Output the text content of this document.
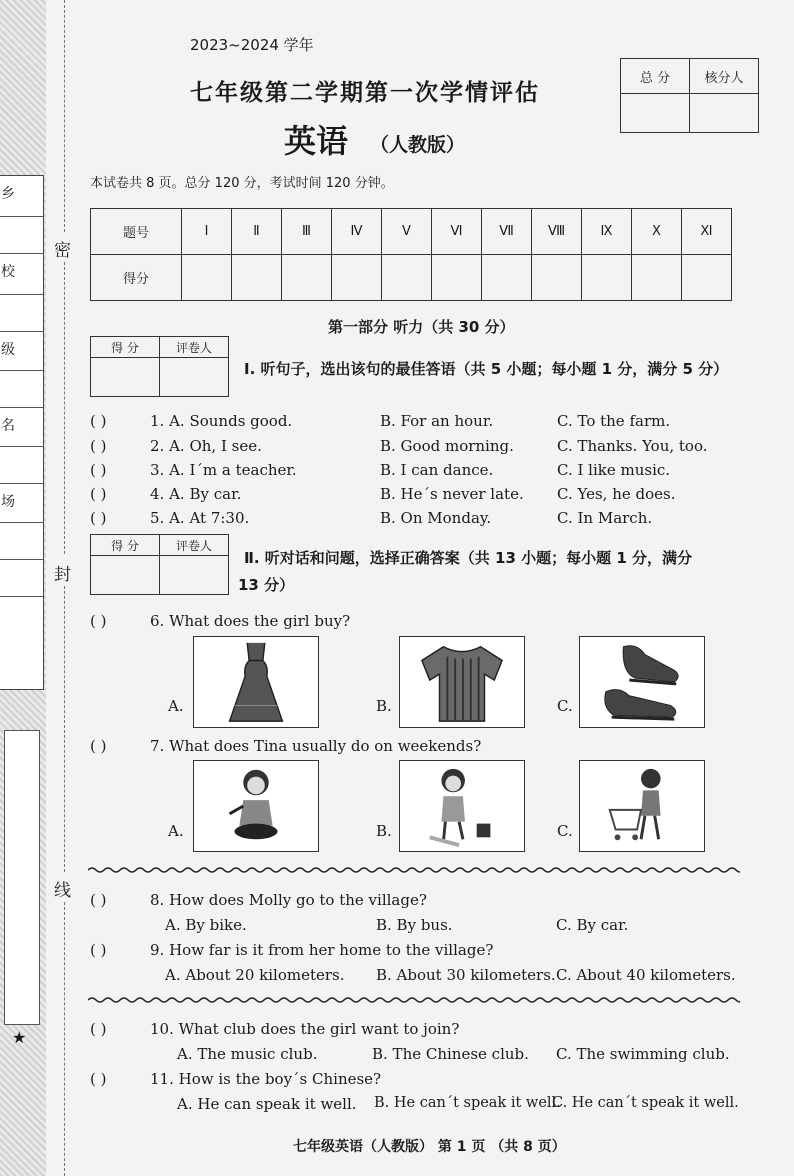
乡
校
级
名
场
★
密
封
线
2023~2024 学年
七年级第二学期第一次学情评估
英语 （人教版）
总 分	核分人

本试卷共 8 页。总分 120 分，考试时间 120 分钟。
题号	Ⅰ	Ⅱ	Ⅲ	Ⅳ	Ⅴ	Ⅵ	Ⅶ	Ⅷ	Ⅸ	Ⅹ	Ⅺ
得分											
第一部分 听力（共 30 分）
得 分	评卷人

Ⅰ. 听句子，选出该句的最佳答语（共 5 小题；每小题 1 分，满分 5 分）
( )	1. A. Sounds good.	B. For an hour.	C. To the farm.
( )	2. A. Oh, I see.	B. Good morning.	C. Thanks. You, too.
( )	3. A. I´m a teacher.	B. I can dance.	C. I like music.
( )	4. A. By car.	B. He´s never late. C. Yes, he does.
( )	5. A. At 7:30.	B. On Monday.	C. In March.
得 分	评卷人

Ⅱ. 听对话和问题，选择正确答案（共 13 小题；每小题 1 分，满分
13 分）
( )	6. What does the girl buy?
A.	B.	C.
( )	7. What does Tina usually do on weekends?
A.	B.	C.
( )	8. How does Molly go to the village?
A. By bike.	B. By bus.	C. By car.
( )	9. How far is it from her home to the village?
A. About 20 kilometers. B. About 30 kilometers. C. About 40 kilometers.
( )	10. What club does the girl want to join?
A. The music club.	B. The Chinese club. C. The swimming club.
( )	11. How is the boy´s Chinese?
A. He can speak it well. B. He can´t speak it well.
C. He can´t speak it well.
七年级英语（人教版） 第 1 页 （共 8 页）
